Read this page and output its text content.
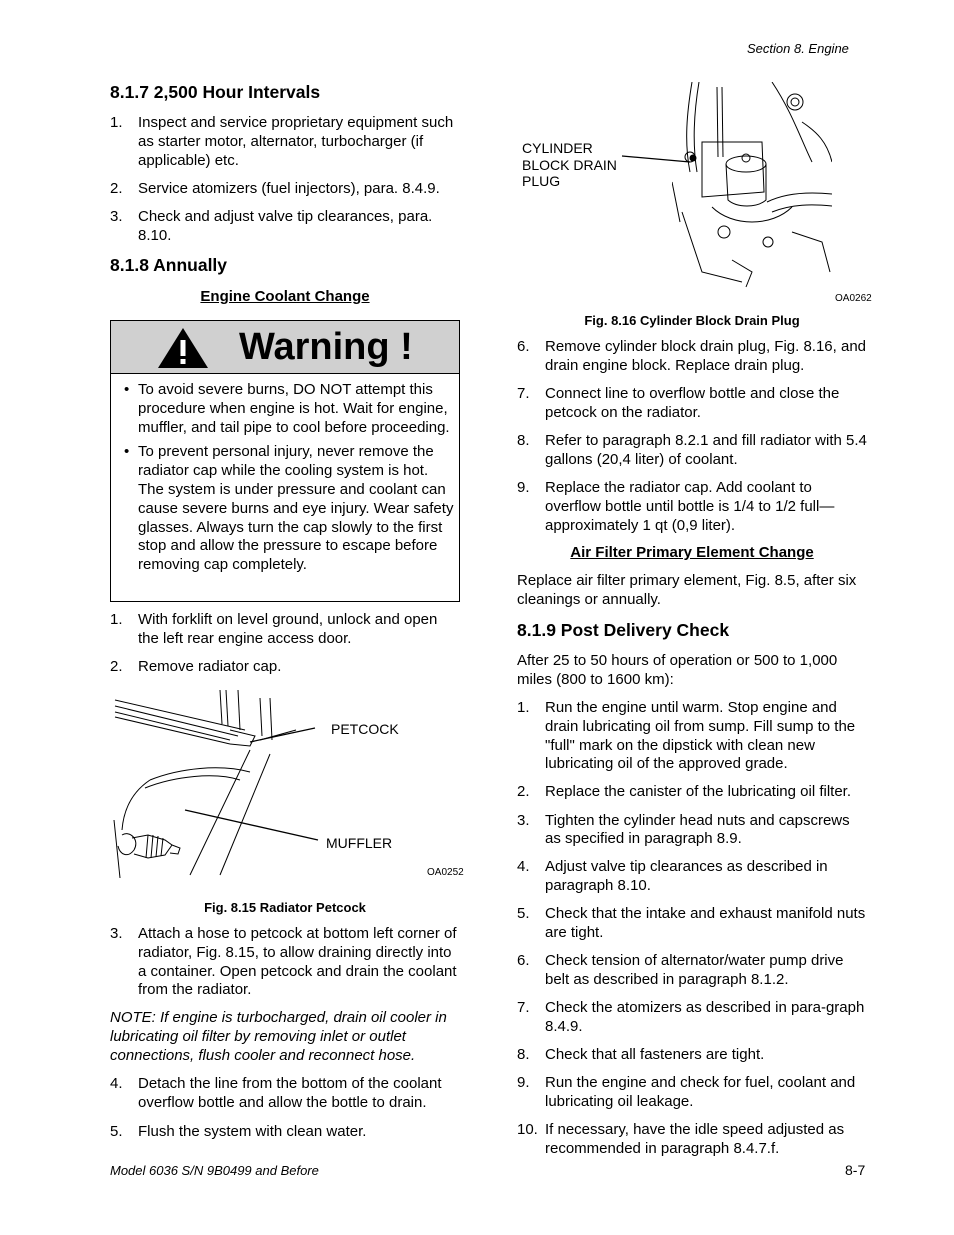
Section 8. Engine
8.1.7 2,500 Hour Intervals
1. Inspect and service proprietary equipment such as starter motor, alternator, turbocharger (if applicable) etc.
2. Service atomizers (fuel injectors), para. 8.4.9.
3. Check and adjust valve tip clearances, para. 8.10.
8.1.8 Annually
Engine Coolant Change
Warning !
• To avoid severe burns, DO NOT attempt this procedure when engine is hot. Wait for engine, muffler, and tail pipe to cool before proceeding.
• To prevent personal injury, never remove the radiator cap while the cooling system is hot. The system is under pressure and coolant can cause severe burns and eye injury. Wear safety glasses. Always turn the cap slowly to the first stop and allow the pressure to escape before removing cap completely.
1. With forklift on level ground, unlock and open the left rear engine access door.
2. Remove radiator cap.
PETCOCK
MUFFLER
OA0252
Fig. 8.15 Radiator Petcock
3. Attach a hose to petcock at bottom left corner of radiator, Fig. 8.15, to allow draining directly into a container. Open petcock and drain the coolant from the radiator.
NOTE: If engine is turbocharged, drain oil cooler in lubricating oil filter by removing inlet or outlet connections, flush cooler and reconnect hose.
4. Detach the line from the bottom of the coolant overflow bottle and allow the bottle to drain.
5. Flush the system with clean water.
CYLINDER
BLOCK DRAIN
PLUG
OA0262
Fig. 8.16 Cylinder Block Drain Plug
6. Remove cylinder block drain plug, Fig. 8.16, and drain engine block. Replace drain plug.
7. Connect line to overflow bottle and close the petcock on the radiator.
8. Refer to paragraph 8.2.1 and fill radiator with 5.4 gallons (20,4 liter) of coolant.
9. Replace the radiator cap. Add coolant to overflow bottle until bottle is 1/4 to 1/2 full—approximately 1 qt (0,9 liter).
Air Filter Primary Element Change
Replace air filter primary element, Fig. 8.5, after six cleanings or annually.
8.1.9 Post Delivery Check
After 25 to 50 hours of operation or 500 to 1,000 miles (800 to 1600 km):
1. Run the engine until warm. Stop engine and drain lubricating oil from sump. Fill sump to the "full" mark on the dipstick with clean new lubricating oil of the approved grade.
2. Replace the canister of the lubricating oil filter.
3. Tighten the cylinder head nuts and capscrews as specified in paragraph 8.9.
4. Adjust valve tip clearances as described in paragraph 8.10.
5. Check that the intake and exhaust manifold nuts are tight.
6. Check tension of alternator/water pump drive belt as described in paragraph 8.1.2.
7. Check the atomizers as described in para-graph 8.4.9.
8. Check that all fasteners are tight.
9. Run the engine and check for fuel, coolant and lubricating oil leakage.
10. If necessary, have the idle speed adjusted as recommended in paragraph 8.4.7.f.
Model 6036 S/N 9B0499 and Before	8-7
